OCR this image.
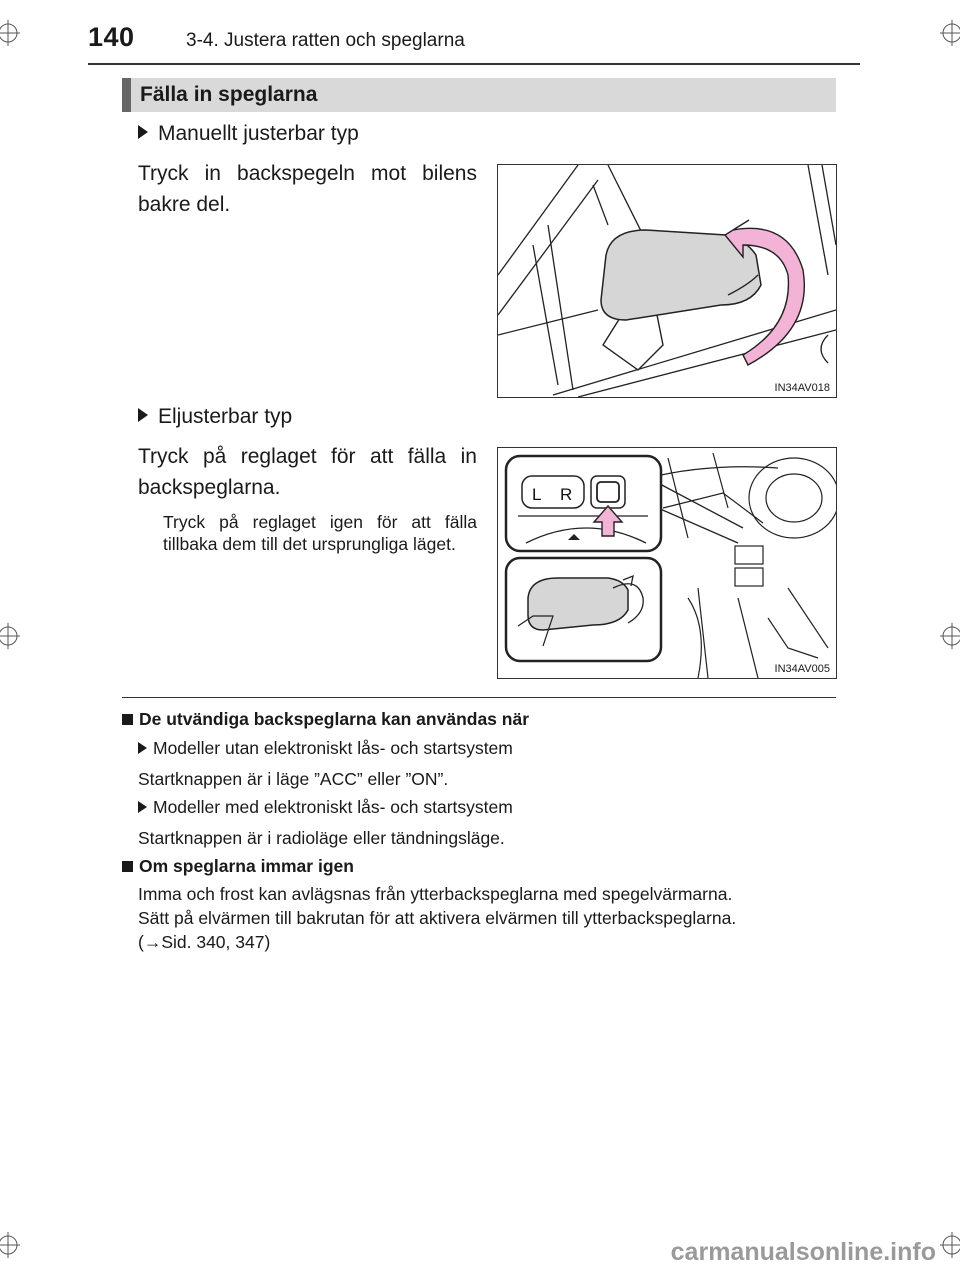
140	3-4. Justera ratten och speglarna
Fälla in speglarna
Manuellt justerbar typ
Tryck in backspegeln mot bilens bakre del.
IN34AV018
Eljusterbar typ
Tryck på reglaget för att fälla in backspeglarna.
Tryck på reglaget igen för att fälla tillbaka dem till det ursprungliga läget.
L R
IN34AV005
De utvändiga backspeglarna kan användas när
Modeller utan elektroniskt lås- och startsystem
Startknappen är i läge ”ACC” eller ”ON”.
Modeller med elektroniskt lås- och startsystem
Startknappen är i radioläge eller tändningsläge.
Om speglarna immar igen
Imma och frost kan avlägsnas från ytterbackspeglarna med spegelvärmarna.
Sätt på elvärmen till bakrutan för att aktivera elvärmen till ytterbackspeglarna.
(→Sid. 340, 347)
carmanualsonline.info
